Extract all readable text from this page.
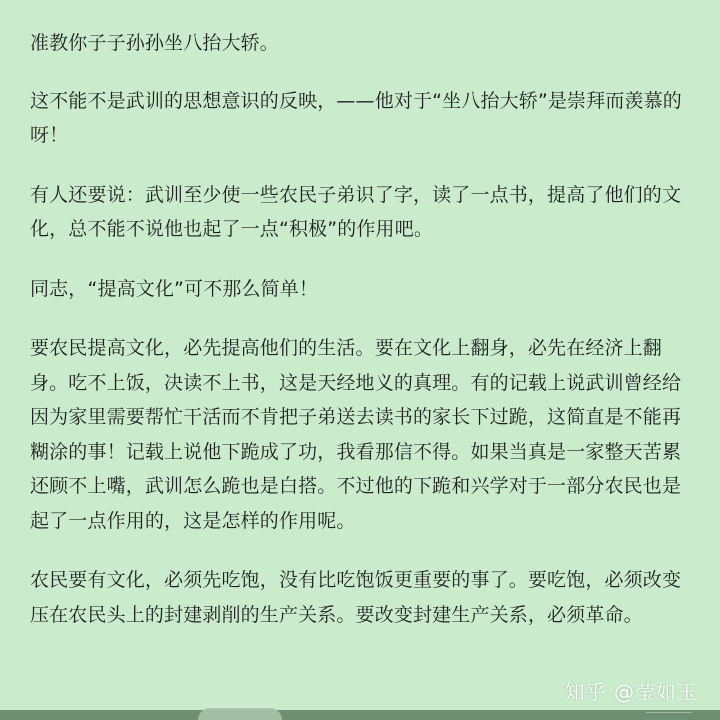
准教你子子孙孙坐八抬大轿。

这不能不是武训的思想意识的反映，——他对于“坐八抬大轿”是崇拜而羡慕的呀！

有人还要说：武训至少使一些农民子弟识了字，读了一点书，提高了他们的文化，总不能不说他也起了一点“积极”的作用吧。

同志，“提高文化”可不那么简单！

要农民提高文化，必先提高他们的生活。要在文化上翻身，必先在经济上翻身。吃不上饭，决读不上书，这是天经地义的真理。有的记载上说武训曾经给因为家里需要帮忙干活而不肯把子弟送去读书的家长下过跪，这简直是不能再糊涂的事！记载上说他下跪成了功，我看那信不得。如果当真是一家整天苦累还顾不上嘴，武训怎么跪也是白搭。不过他的下跪和兴学对于一部分农民也是起了一点作用的，这是怎样的作用呢。

农民要有文化，必须先吃饱，没有比吃饱饭更重要的事了。要吃饱，必须改变压在农民头上的封建剥削的生产关系。要改变封建生产关系，必须革命。

知乎 @莹如玉
